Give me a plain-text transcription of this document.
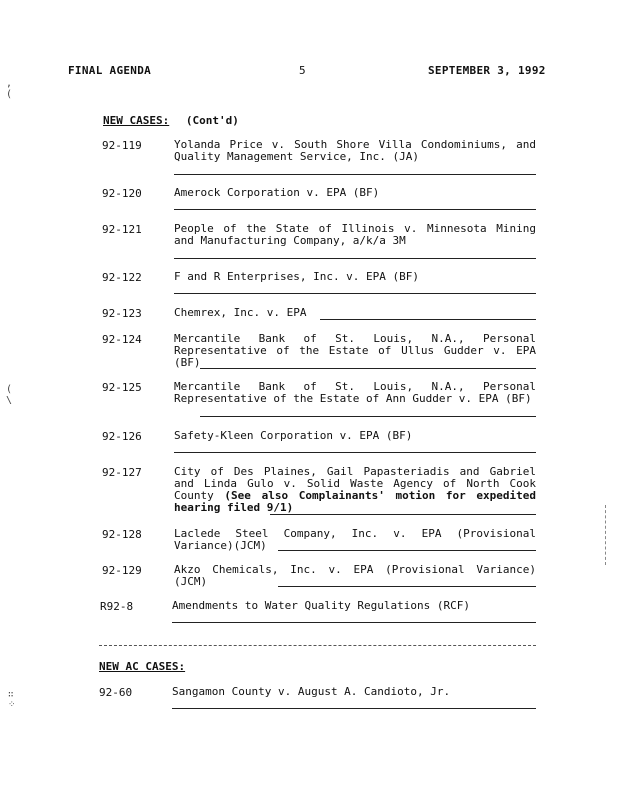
FINAL AGENDA	5	SEPTEMBER 3, 1992
,
(
(
\
∷
⁘
NEW CASES: (Cont'd)
92-119	Yolanda Price v. South Shore Villa Condominiums, and Quality Management Service, Inc. (JA)
92-120	Amerock Corporation v. EPA (BF)
92-121	People of the State of Illinois v. Minnesota Mining and Manufacturing Company, a/k/a 3M
92-122	F and R Enterprises, Inc. v. EPA (BF)
92-123	Chemrex, Inc. v. EPA
92-124	Mercantile Bank of St. Louis, N.A., Personal Representative of the Estate of Ullus Gudder v. EPA (BF)
92-125	Mercantile Bank of St. Louis, N.A., Personal Representative of the Estate of Ann Gudder v. EPA (BF)
92-126	Safety-Kleen Corporation v. EPA (BF)
92-127	City of Des Plaines, Gail Papasteriadis and Gabriel and Linda Gulo v. Solid Waste Agency of North Cook County (See also Complainants' motion for expedited hearing filed 9/1)
92-128	Laclede Steel Company, Inc. v. EPA (Provisional Variance)(JCM)
92-129	Akzo Chemicals, Inc. v. EPA (Provisional Variance)(JCM)
R92-8	Amendments to Water Quality Regulations (RCF)
NEW AC CASES:
92-60	Sangamon County v. August A. Candioto, Jr.
